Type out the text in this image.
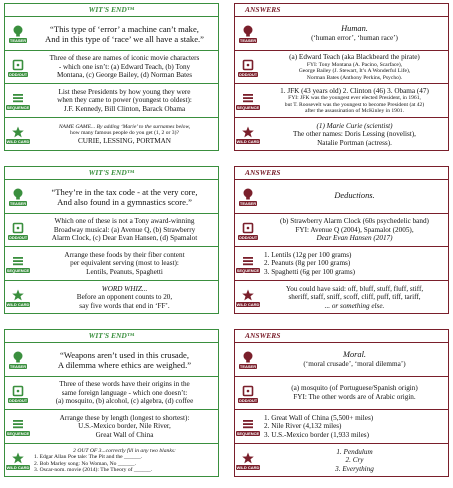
WIT'S END™
TEASER
“This type of ‘error’ a machine can’t make,
And in this type of ‘race’ we all have a stake.”
ODD/OUT
Three of these are names of iconic movie characters
- which one isn’t: (a) Edward Teach, (b) Tony
Montana, (c) George Bailey, (d) Norman Bates
SEQUENCE
List these Presidents by how young they were
when they came to power (youngest to oldest):
J.F. Kennedy, Bill Clinton, Barack Obama
WILD CARD
NAME GAME... By adding ‘Marie’ to the surnames below,
how many famous people do you get (1, 2 or 3)?
CURIE, LESSING, PORTMAN
ANSWERS
TEASER
Human.
(‘human error’, ‘human race’)
ODD/OUT
(a) Edward Teach (aka Blackbeard the pirate)
FYI: Tony Montana (A. Pacino, Scarface),
George Bailey (J. Stewart, It’s A Wonderful Life),
Norman Bates (Anthony Perkins, Psycho).
SEQUENCE
1. JFK (43 years old) 2. Clinton (46) 3. Obama (47)
FYI: JFK was the youngest ever elected President, in 1961,
but T. Roosevelt was the youngest to become President (at 42)
after the assassination of McKinley in 1901.
WILD CARD
(1) Marie Curie (scientist)
The other names: Doris Lessing (novelist),
Natalie Portman (actress).
WIT'S END™
TEASER
“They’re in the tax code - at the very core,
And also found in a gymnastics score.”
ODD/OUT
Which one of these is not a Tony award-winning
Broadway musical: (a) Avenue Q, (b) Strawberry
Alarm Clock, (c) Dear Evan Hansen, (d) Spamalot
SEQUENCE
Arrange these foods by their fiber content
per equivalent serving (most to least):
Lentils, Peanuts, Spaghetti
WILD CARD
WORD WHIZ...
Before an opponent counts to 20,
say five words that end in ‘FF’.
ANSWERS
TEASER
Deductions.
ODD/OUT
(b) Strawberry Alarm Clock (60s psychedelic band)
FYI: Avenue Q (2004), Spamalot (2005),
Dear Evan Hansen (2017)
SEQUENCE
1. Lentils (12g per 100 grams)
2. Peanuts (8g per 100 grams)
3. Spaghetti (6g per 100 grams)
WILD CARD
You could have said: off, bluff, stuff, fluff, stiff,
sheriff, staff, sniff, scoff, cliff, puff, tiff, tariff,
... or something else.
WIT'S END™
TEASER
“Weapons aren’t used in this crusade,
A dilemma where ethics are weighed.”
ODD/OUT
Three of these words have their origins in the
same foreign language - which one doesn’t:
(a) mosquito, (b) alcohol, (c) algebra, (d) coffee
SEQUENCE
Arrange these by length (longest to shortest):
U.S.-Mexico border, Nile River,
Great Wall of China
WILD CARD
2 OUT OF 3...correctly fill in any two blanks:
1. Edgar Allan Poe tale: The Pit and the ______.
2. Bob Marley song: No Woman, No ______.
3. Oscar-nom. movie (2014): The Theory of ______.
ANSWERS
TEASER
Moral.
(‘moral crusade’, ‘moral dilemma’)
ODD/OUT
(a) mosquito (of Portuguese/Spanish origin)
FYI: The other words are of Arabic origin.
SEQUENCE
1. Great Wall of China (5,500+ miles)
2. Nile River (4,132 miles)
3. U.S.-Mexico border (1,933 miles)
WILD CARD
1. Pendulum
2. Cry
3. Everything
